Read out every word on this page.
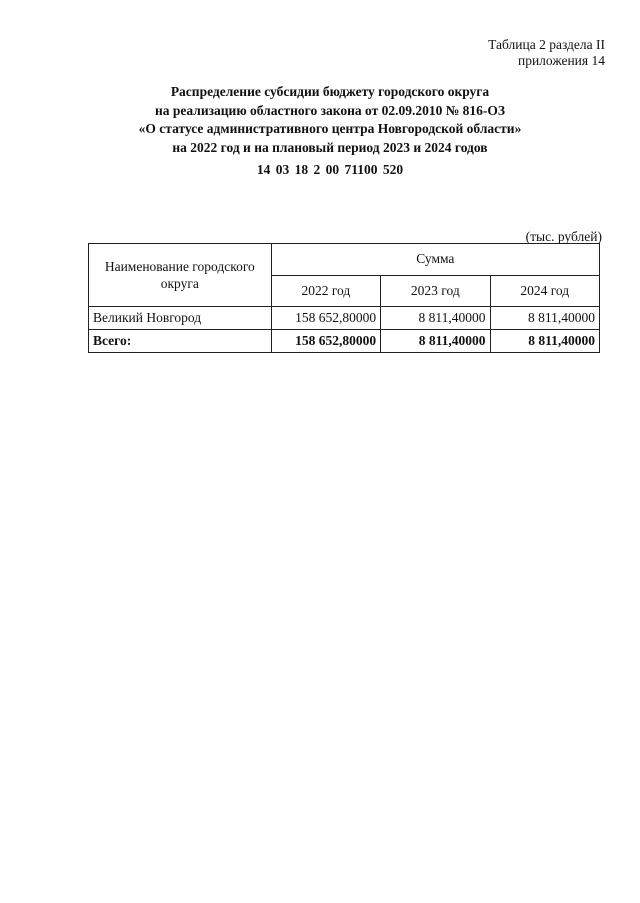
Таблица 2 раздела II
приложения 14
Распределение субсидии бюджету городского округа
на реализацию областного закона от 02.09.2010 № 816-ОЗ
«О статусе административного центра Новгородской области»
на 2022 год и на плановый период 2023 и 2024 годов
14 03 18 2 00 71100 520
(тыс. рублей)
Наименование городского округа	Сумма		
	2022 год	2023 год	2024 год
Великий Новгород	158 652,80000	8 811,40000	8 811,40000
Всего:	158 652,80000	8 811,40000	8 811,40000
